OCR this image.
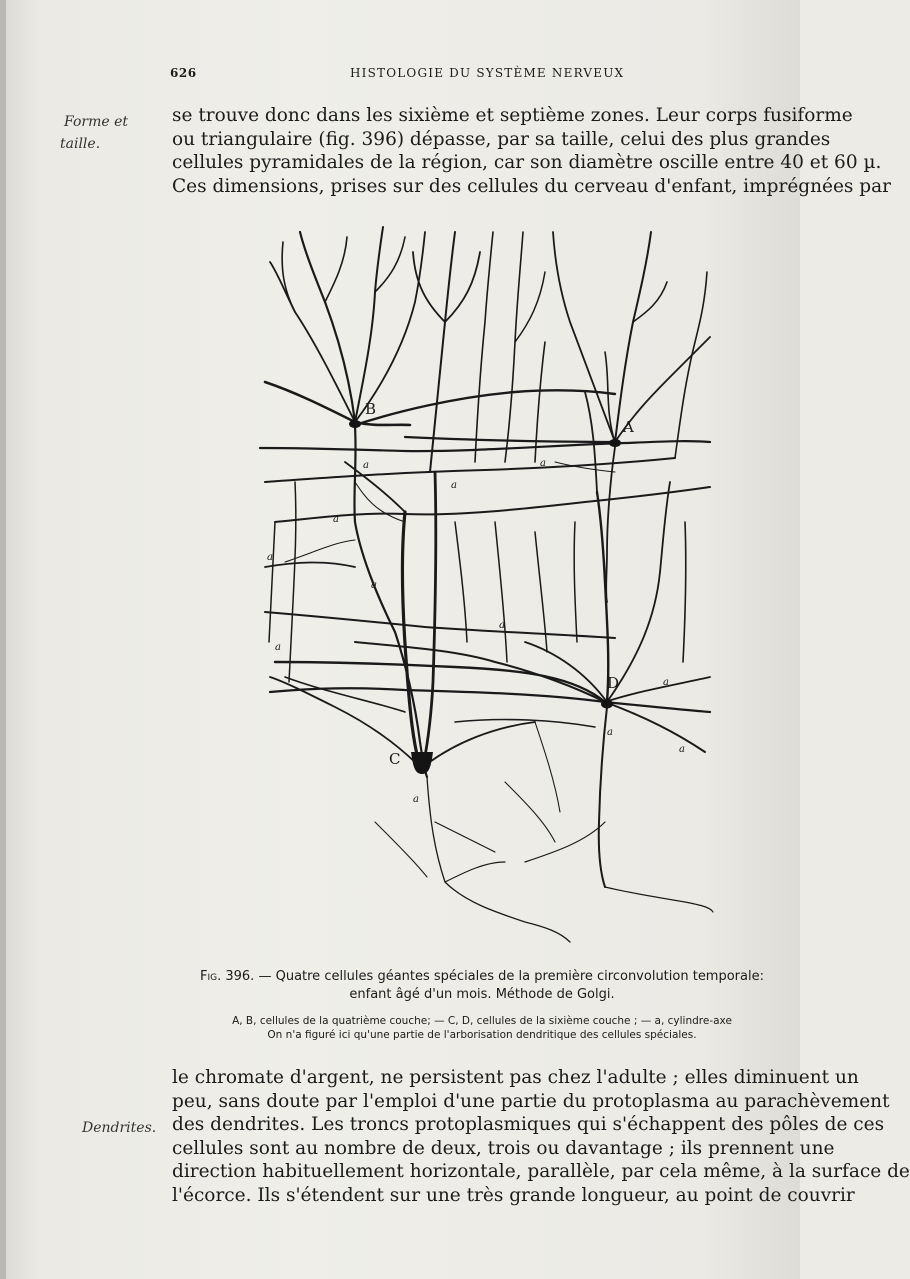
626	HISTOLOGIE DU SYSTÈME NERVEUX
Forme et
taille.
se trouve donc dans les sixième et septième zones. Leur corps fusiforme
ou triangulaire (fig. 396) dépasse, par sa taille, celui des plus grandes
cellules pyramidales de la région, car son diamètre oscille entre 40 et 60 µ.
Ces dimensions, prises sur des cellules du cerveau d'enfant, imprégnées par
B
A
C
D
a	a
a
a
a
a
a
a
a
a
a
a
Fig. 396. — Quatre cellules géantes spéciales de la première circonvolution temporale:
enfant âgé d'un mois. Méthode de Golgi.
A, B, cellules de la quatrième couche; — C, D, cellules de la sixième couche ; — a, cylindre-axe
On n'a figuré ici qu'une partie de l'arborisation dendritique des cellules spéciales.
Dendrites.
le chromate d'argent, ne persistent pas chez l'adulte ; elles diminuent un
peu, sans doute par l'emploi d'une partie du protoplasma au parachèvement
des dendrites. Les troncs protoplasmiques qui s'échappent des pôles de ces
cellules sont au nombre de deux, trois ou davantage ; ils prennent une
direction habituellement horizontale, parallèle, par cela même, à la surface de
l'écorce. Ils s'étendent sur une très grande longueur, au point de couvrir
